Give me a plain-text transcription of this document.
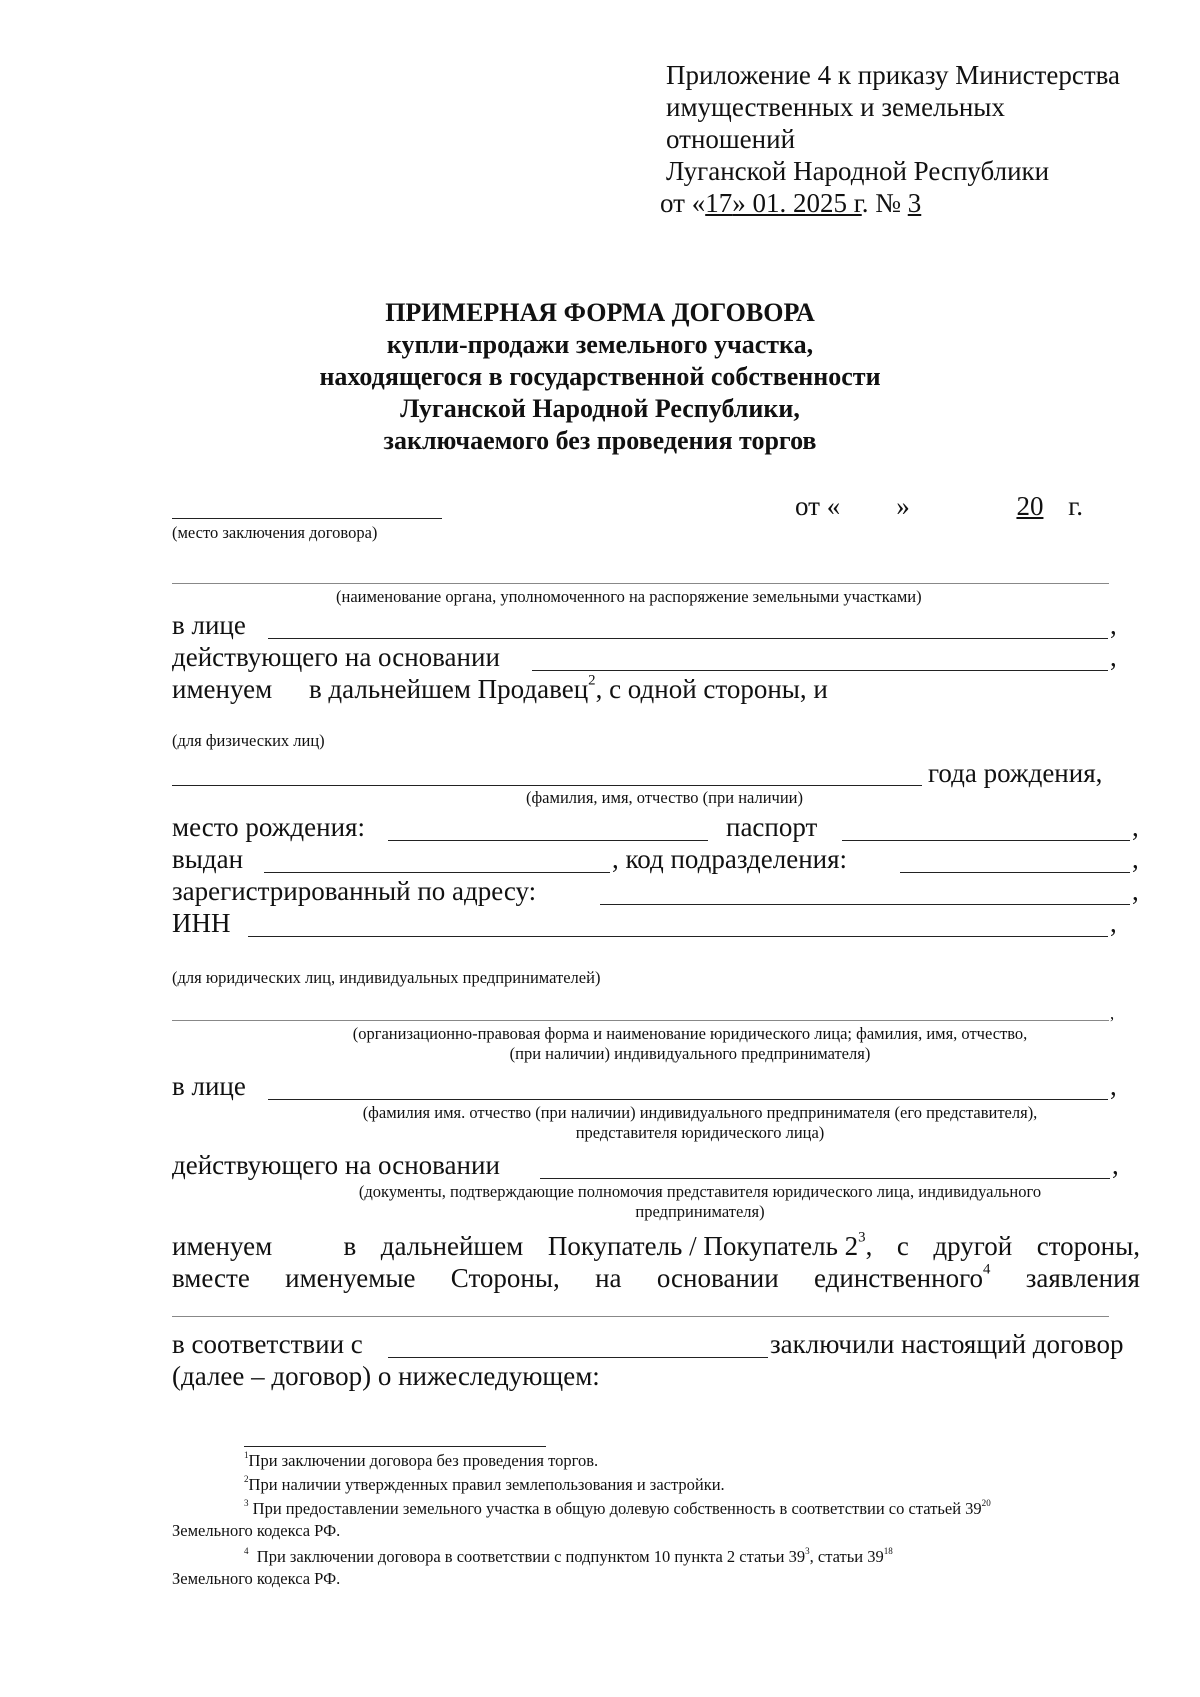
Приложение 4 к приказу Министерства
имущественных и земельных
отношений
Луганской Народной Республики
от «17» 01. 2025 г. № 3
ПРИМЕРНАЯ ФОРМА ДОГОВОРА
купли-продажи земельного участка,
находящегося в государственной собственности
Луганской Народной Республики,
заключаемого без проведения торгов
(место заключения договора)
от « »	20 г.
(наименование органа, уполномоченного на распоряжение земельными участками)
в лице	,
действующего на основании	,
именуем в дальнейшем Продавец$^2$, с одной стороны, и
(для физических лиц)
года рождения,
(фамилия, имя, отчество (при наличии)
место рождения:	паспорт	,
выдан	, код подразделения:	,
зарегистрированный по адресу:	,
ИНН	,
(для юридических лиц, индивидуальных предпринимателей)
,
(организационно-правовая форма и наименование юридического лица; фамилия, имя, отчество,
(при наличии) индивидуального предпринимателя)
в лице	,
(фамилия имя. отчество (при наличии) индивидуального предпринимателя (его представителя),
представителя юридического лица)
действующего на основании	,
(документы, подтверждающие полномочия представителя юридического лица, индивидуального
предпринимателя)
именуем	в дальнейшем Покупатель / Покупатель $2^3$, с другой стороны,
вместе именуемые Стороны, на основании единственного$^4$ заявления
в соответствии с	заключили настоящий договор
(далее – договор) о нижеследующем:
$^1$При заключении договора без проведения торгов.
$^2$При наличии утвержденных правил землепользования и застройки.
$^3$ При предоставлении земельного участка в общую долевую собственность в соответствии со статьей $39^{20}$
Земельного кодекса РФ.
$^4$ При заключении договора в соответствии с подпунктом 10 пункта 2 статьи $39^3$, статьи $39^{18}$
Земельного кодекса РФ.
